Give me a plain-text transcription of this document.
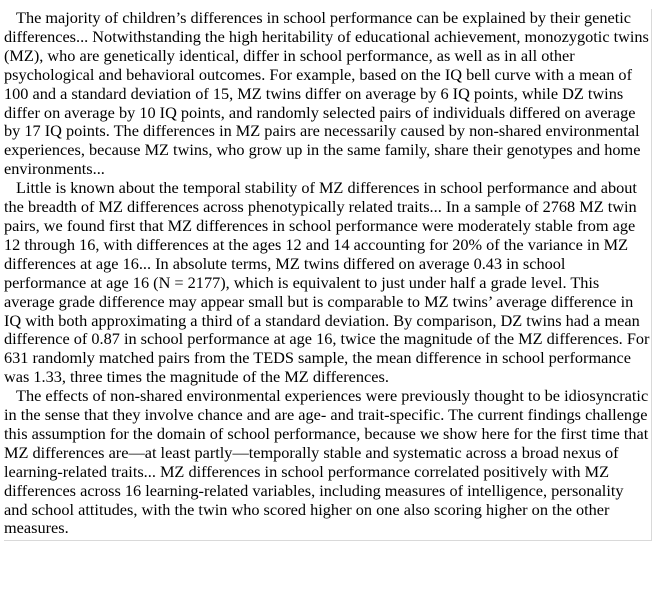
The majority of children’s differences in school performance can be explained by their genetic differences... Notwithstanding the high heritability of educational achievement, monozygotic twins (MZ), who are genetically identical, differ in school performance, as well as in all other psychological and behavioral outcomes. For example, based on the IQ bell curve with a mean of 100 and a standard deviation of 15, MZ twins differ on average by 6 IQ points, while DZ twins differ on average by 10 IQ points, and randomly selected pairs of individuals differed on average by 17 IQ points. The differences in MZ pairs are necessarily caused by non-shared environmental experiences, because MZ twins, who grow up in the same family, share their genotypes and home environments...

Little is known about the temporal stability of MZ differences in school performance and about the breadth of MZ differences across phenotypically related traits... In a sample of 2768 MZ twin pairs, we found first that MZ differences in school performance were moderately stable from age 12 through 16, with differences at the ages 12 and 14 accounting for 20% of the variance in MZ differences at age 16... In absolute terms, MZ twins differed on average 0.43 in school performance at age 16 (N = 2177), which is equivalent to just under half a grade level. This average grade difference may appear small but is comparable to MZ twins’ average difference in IQ with both approximating a third of a standard deviation. By comparison, DZ twins had a mean difference of 0.87 in school performance at age 16, twice the magnitude of the MZ differences. For 631 randomly matched pairs from the TEDS sample, the mean difference in school performance was 1.33, three times the magnitude of the MZ differences.

The effects of non-shared environmental experiences were previously thought to be idiosyncratic in the sense that they involve chance and are age- and trait-specific. The current findings challenge this assumption for the domain of school performance, because we show here for the first time that MZ differences are—at least partly—temporally stable and systematic across a broad nexus of learning-related traits... MZ differences in school performance correlated positively with MZ differences across 16 learning-related variables, including measures of intelligence, personality and school attitudes, with the twin who scored higher on one also scoring higher on the other measures.
